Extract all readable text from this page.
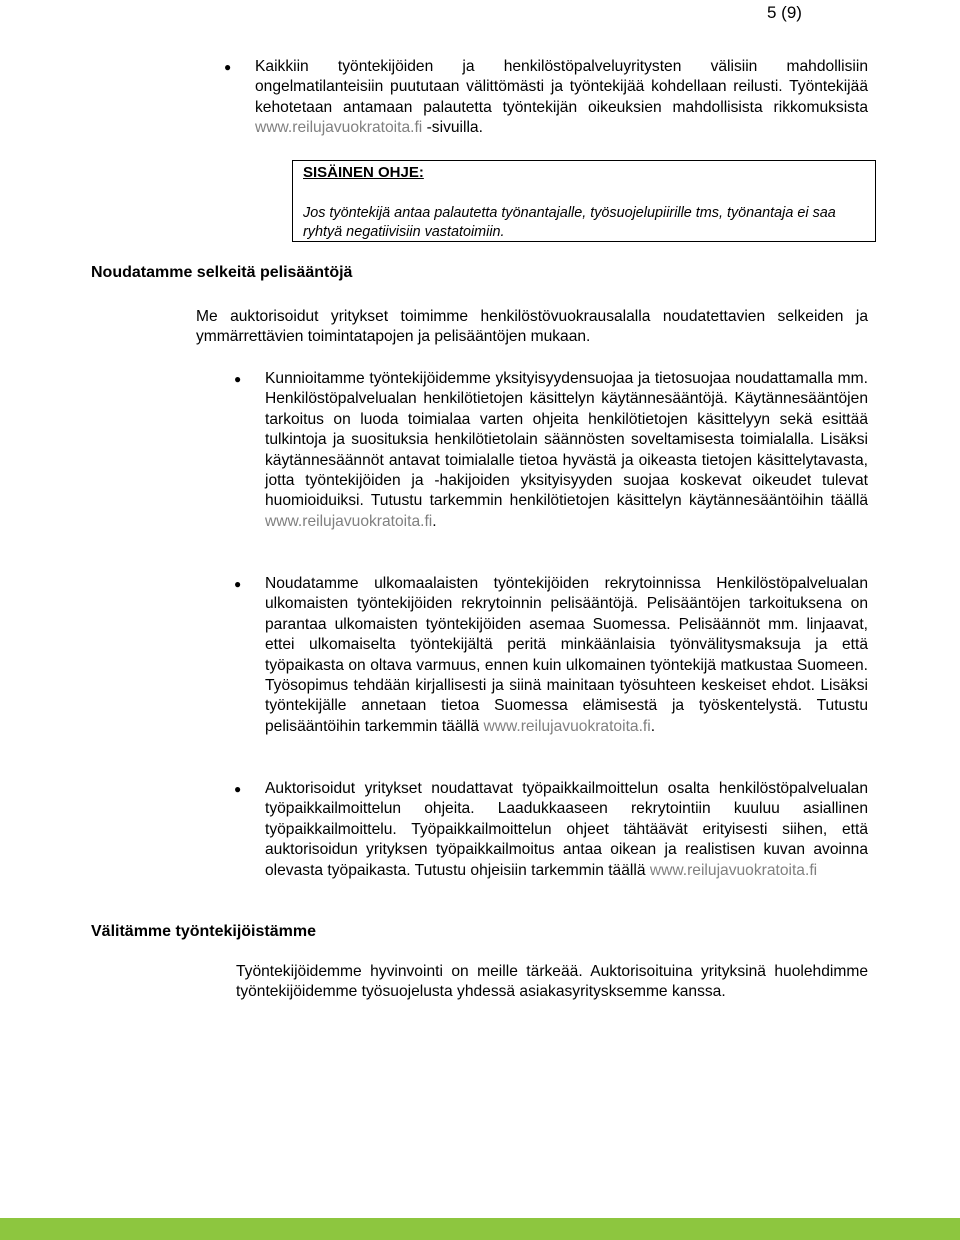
5 (9)
● Kaikkiin työntekijöiden ja henkilöstöpalveluyritysten välisiin mahdollisiin ongelmatilanteisiin puututaan välittömästi ja työntekijää kohdellaan reilusti. Työntekijää kehotetaan antamaan palautetta työntekijän oikeuksien mahdollisista rikkomuksista www.reilujavuokratoita.fi -sivuilla.
SISÄINEN OHJE:
Jos työntekijä antaa palautetta työnantajalle, työsuojelupiirille tms, työnantaja ei saa ryhtyä negatiivisiin vastatoimiin.
Noudatamme selkeitä pelisääntöjä
Me auktorisoidut yritykset toimimme henkilöstövuokrausalalla noudatettavien selkeiden ja ymmärrettävien toimintatapojen ja pelisääntöjen mukaan.
● Kunnioitamme työntekijöidemme yksityisyydensuojaa ja tietosuojaa noudattamalla mm. Henkilöstöpalvelualan henkilötietojen käsittelyn käytännesääntöjä. Käytännesääntöjen tarkoitus on luoda toimialaa varten ohjeita henkilötietojen käsittelyyn sekä esittää tulkintoja ja suosituksia henkilötietolain säännösten soveltamisesta toimialalla. Lisäksi käytännesäännöt antavat toimialalle tietoa hyvästä ja oikeasta tietojen käsittelytavasta, jotta työntekijöiden ja -hakijoiden yksityisyyden suojaa koskevat oikeudet tulevat huomioiduiksi. Tutustu tarkemmin henkilötietojen käsittelyn käytännesääntöihin täällä www.reilujavuokratoita.fi.
● Noudatamme ulkomaalaisten työntekijöiden rekrytoinnissa Henkilöstöpalvelualan ulkomaisten työntekijöiden rekrytoinnin pelisääntöjä. Pelisääntöjen tarkoituksena on parantaa ulkomaisten työntekijöiden asemaa Suomessa. Pelisäännöt mm. linjaavat, ettei ulkomaiselta työntekijältä peritä minkäänlaisia työnvälitysmaksuja ja että työpaikasta on oltava varmuus, ennen kuin ulkomainen työntekijä matkustaa Suomeen. Työsopimus tehdään kirjallisesti ja siinä mainitaan työsuhteen keskeiset ehdot. Lisäksi työntekijälle annetaan tietoa Suomessa elämisestä ja työskentelystä. Tutustu pelisääntöihin tarkemmin täällä www.reilujavuokratoita.fi.
● Auktorisoidut yritykset noudattavat työpaikkailmoittelun osalta henkilöstöpalvelualan työpaikkailmoittelun ohjeita. Laadukkaaseen rekrytointiin kuuluu asiallinen työpaikkailmoittelu. Työpaikkailmoittelun ohjeet tähtäävät erityisesti siihen, että auktorisoidun yrityksen työpaikkailmoitus antaa oikean ja realistisen kuvan avoinna olevasta työpaikasta. Tutustu ohjeisiin tarkemmin täällä www.reilujavuokratoita.fi
Välitämme työntekijöistämme
Työntekijöidemme hyvinvointi on meille tärkeää. Auktorisoituina yrityksinä huolehdimme työntekijöidemme työsuojelusta yhdessä asiakasyritysksemme kanssa.
